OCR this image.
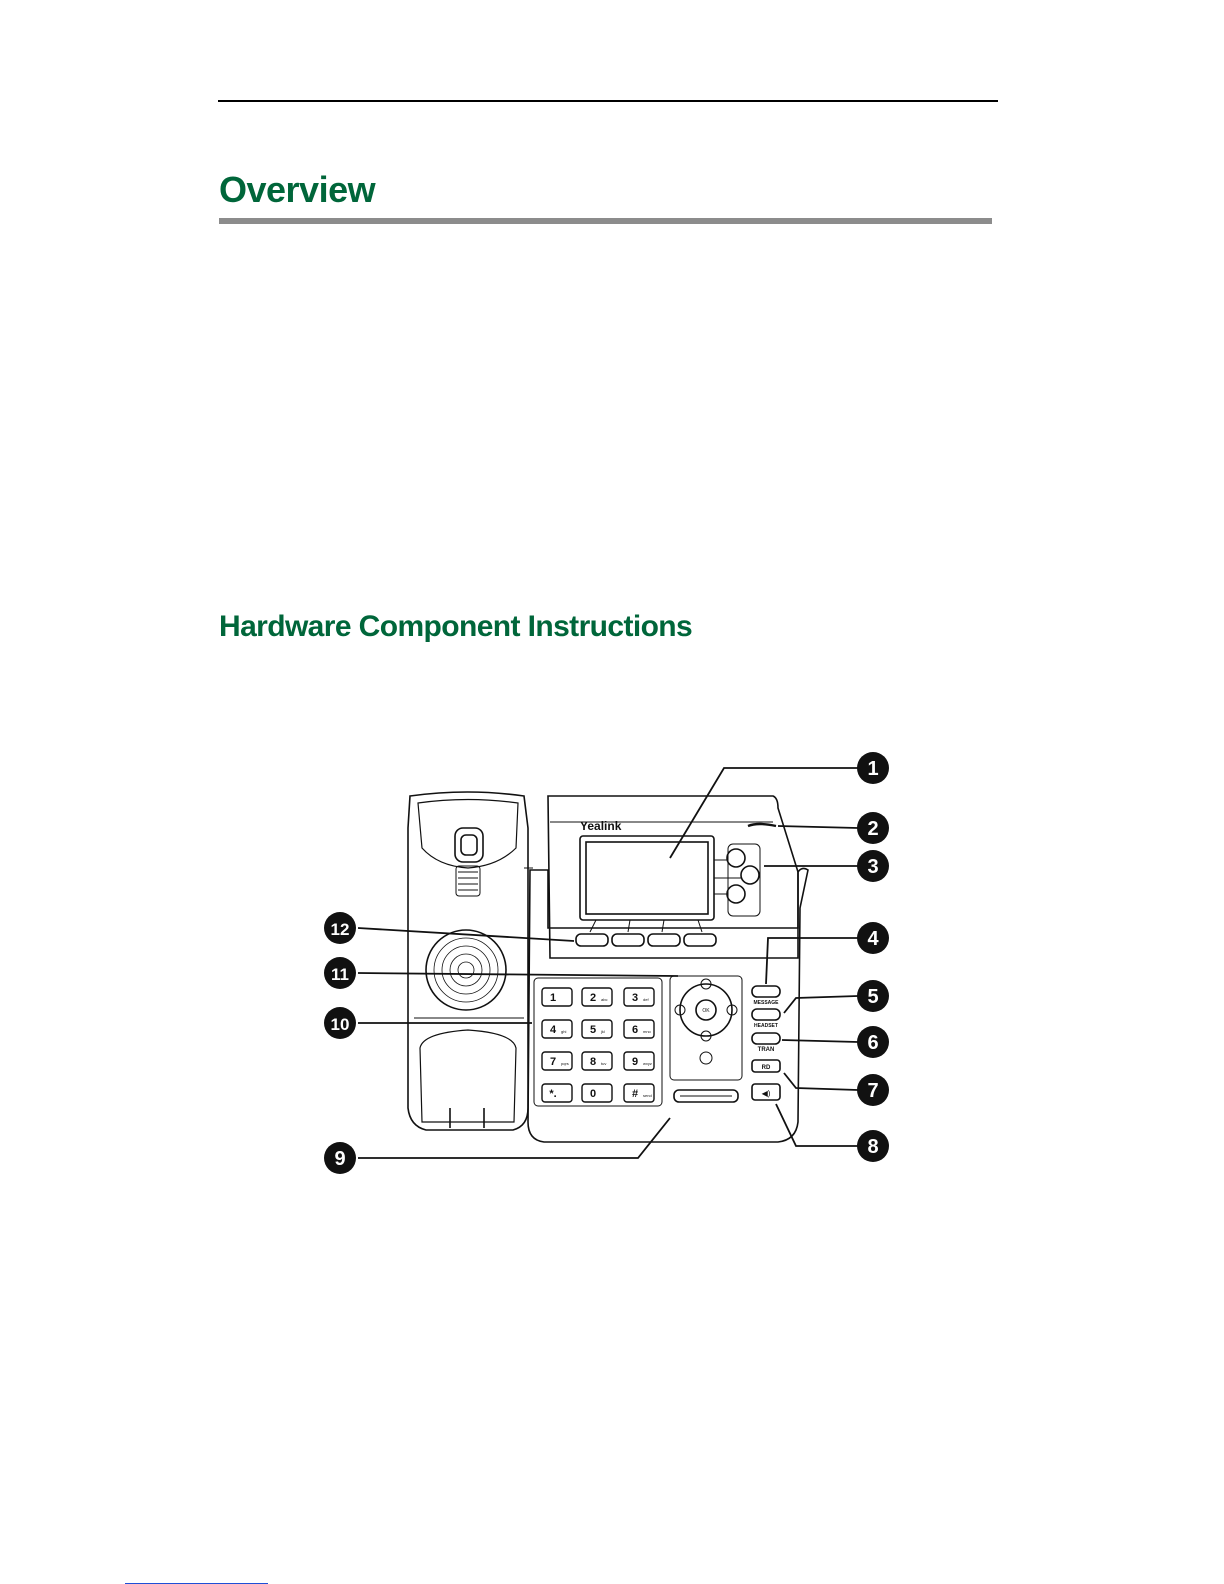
Overview
Hardware Component Instructions
1	2 abc 3 def
4 ghi 5 jkl 6 mno
7 pqrs 8 tuv 9 wxyz
*.	0	# send
Yealink
OK
MESSAGE
HEADSET
TRAN
RD
◀)
1
2
3
4
5
6
7
8
9
10
11
12
